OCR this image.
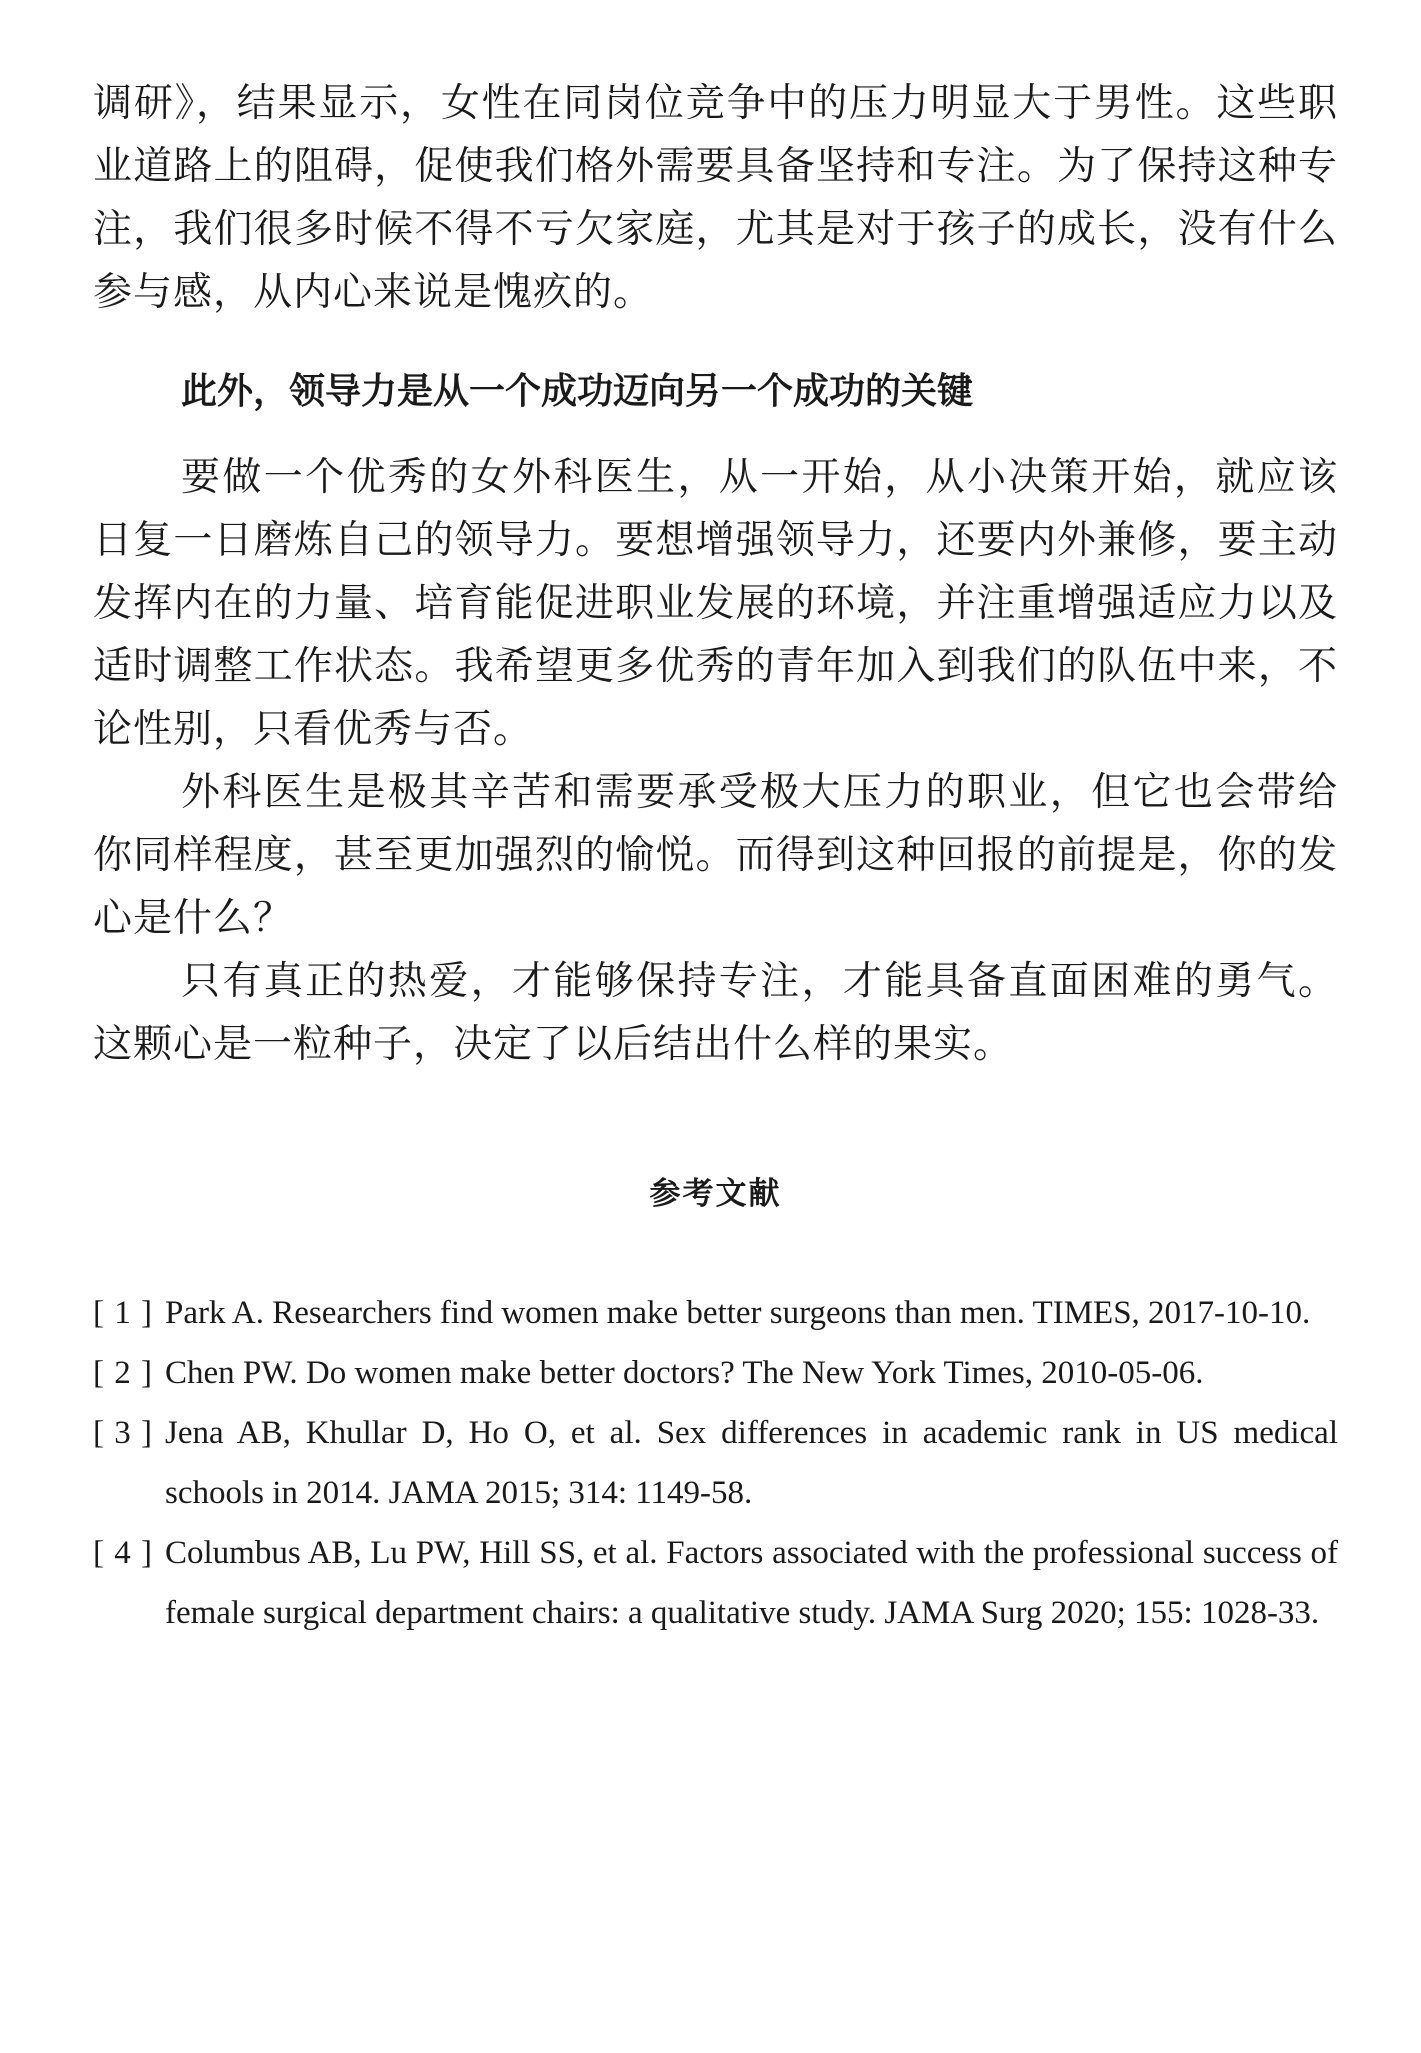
调研》，结果显示，女性在同岗位竞争中的压力明显大于男性。这些职业道路上的阻碍，促使我们格外需要具备坚持和专注。为了保持这种专注，我们很多时候不得不亏欠家庭，尤其是对于孩子的成长，没有什么参与感，从内心来说是愧疚的。

此外，领导力是从一个成功迈向另一个成功的关键

要做一个优秀的女外科医生，从一开始，从小决策开始，就应该日复一日磨炼自己的领导力。要想增强领导力，还要内外兼修，要主动发挥内在的力量、培育能促进职业发展的环境，并注重增强适应力以及适时调整工作状态。我希望更多优秀的青年加入到我们的队伍中来，不论性别，只看优秀与否。

外科医生是极其辛苦和需要承受极大压力的职业，但它也会带给你同样程度，甚至更加强烈的愉悦。而得到这种回报的前提是，你的发心是什么？

只有真正的热爱，才能够保持专注，才能具备直面困难的勇气。这颗心是一粒种子，决定了以后结出什么样的果实。

参考文献
[ 1 ] Park A. Researchers find women make better surgeons than men. TIMES, 2017-10-10.
[ 2 ] Chen PW. Do women make better doctors? The New York Times, 2010-05-06.
[ 3 ] Jena AB, Khullar D, Ho O, et al. Sex differences in academic rank in US medical schools in 2014. JAMA 2015; 314: 1149-58.
[ 4 ] Columbus AB, Lu PW, Hill SS, et al. Factors associated with the professional success of female surgical department chairs: a qualitative study. JAMA Surg 2020; 155: 1028-33.
